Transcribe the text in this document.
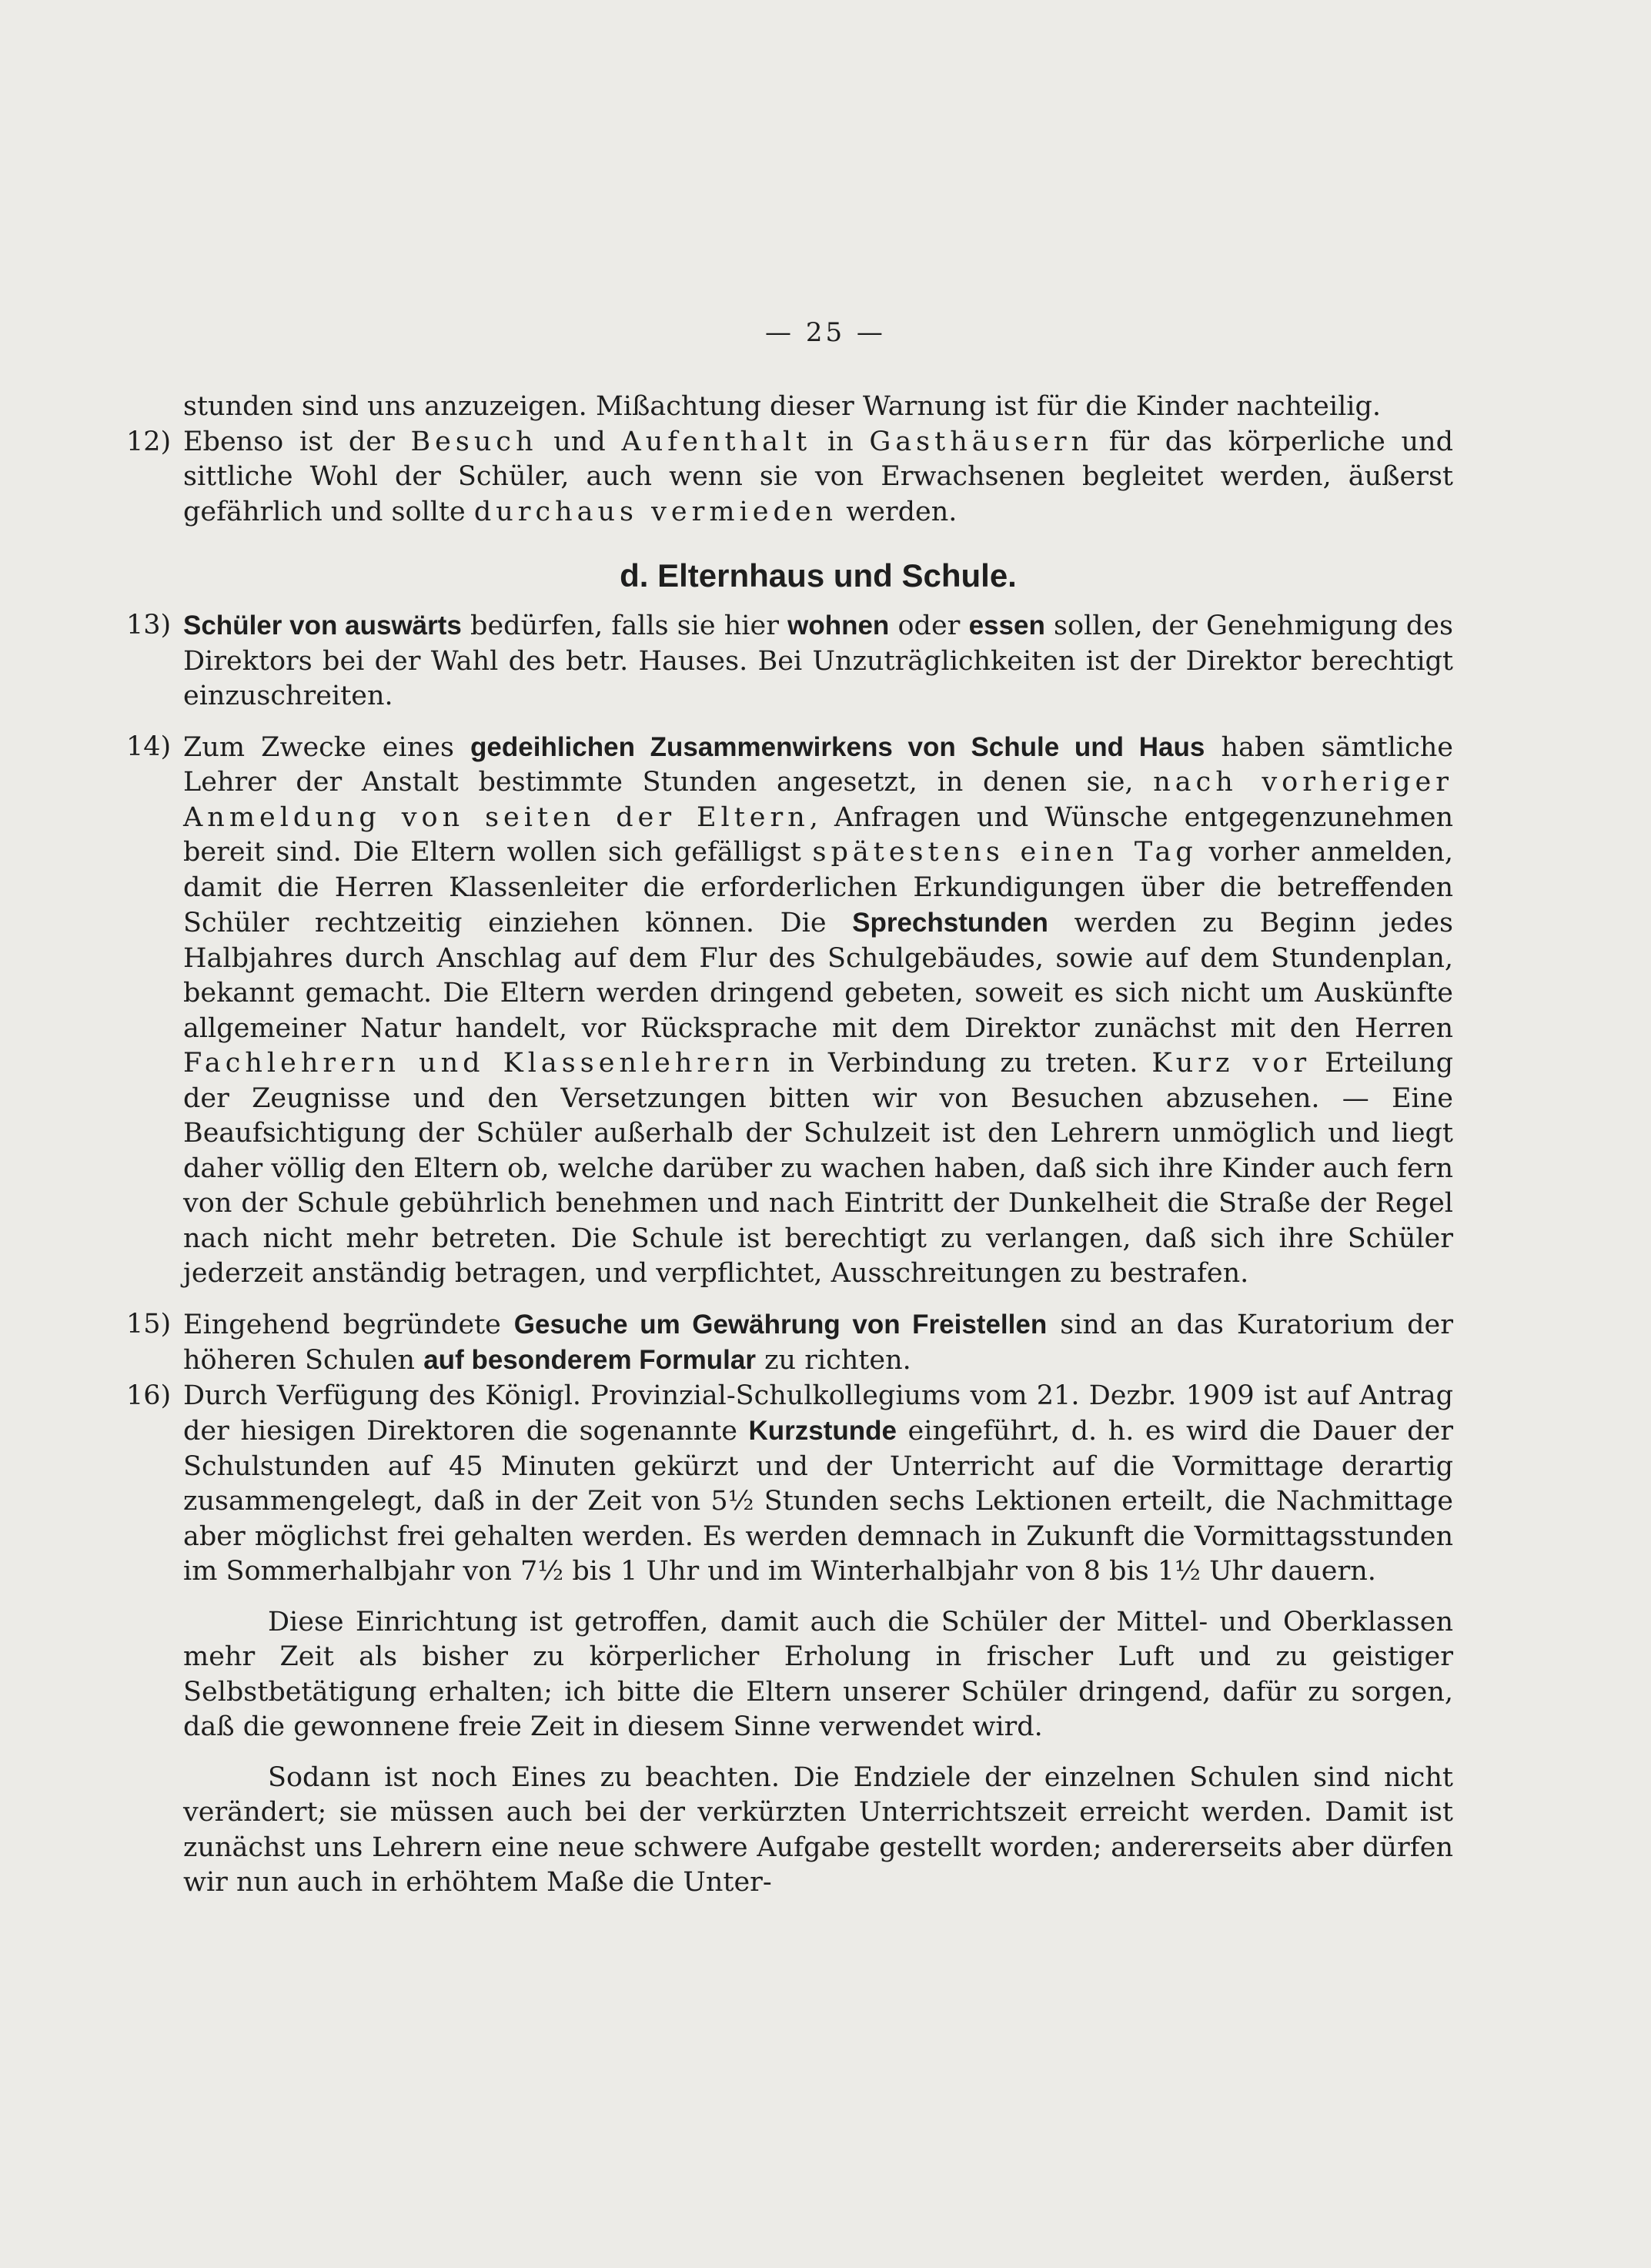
— 25 —

stunden sind uns anzuzeigen. Mißachtung dieser Warnung ist für die Kinder nachteilig.

12) Ebenso ist der Besuch und Aufenthalt in Gasthäusern für das körperliche und sittliche Wohl der Schüler, auch wenn sie von Erwachsenen begleitet werden, äußerst gefährlich und sollte durchaus vermieden werden.

d. Elternhaus und Schule.
13) Schüler von auswärts bedürfen, falls sie hier wohnen oder essen sollen, der Genehmigung des Direktors bei der Wahl des betr. Hauses. Bei Unzuträglichkeiten ist der Direktor berechtigt einzuschreiten.

14) Zum Zwecke eines gedeihlichen Zusammenwirkens von Schule und Haus haben sämtliche Lehrer der Anstalt bestimmte Stunden angesetzt, in denen sie, nach vorheriger Anmeldung von seiten der Eltern, Anfragen und Wünsche entgegenzunehmen bereit sind. Die Eltern wollen sich gefälligst spätestens einen Tag vorher anmelden, damit die Herren Klassenleiter die erforderlichen Erkundigungen über die betreffenden Schüler rechtzeitig einziehen können. Die Sprechstunden werden zu Beginn jedes Halbjahres durch Anschlag auf dem Flur des Schulgebäudes, sowie auf dem Stundenplan, bekannt gemacht. Die Eltern werden dringend gebeten, soweit es sich nicht um Auskünfte allgemeiner Natur handelt, vor Rücksprache mit dem Direktor zunächst mit den Herren Fachlehrern und Klassenlehrern in Verbindung zu treten. Kurz vor Erteilung der Zeugnisse und den Versetzungen bitten wir von Besuchen abzusehen. — Eine Beaufsichtigung der Schüler außerhalb der Schulzeit ist den Lehrern unmöglich und liegt daher völlig den Eltern ob, welche darüber zu wachen haben, daß sich ihre Kinder auch fern von der Schule gebührlich benehmen und nach Eintritt der Dunkelheit die Straße der Regel nach nicht mehr betreten. Die Schule ist berechtigt zu verlangen, daß sich ihre Schüler jederzeit anständig betragen, und verpflichtet, Ausschreitungen zu bestrafen.

15) Eingehend begründete Gesuche um Gewährung von Freistellen sind an das Kuratorium der höheren Schulen auf besonderem Formular zu richten.

16) Durch Verfügung des Königl. Provinzial-Schulkollegiums vom 21. Dezbr. 1909 ist auf Antrag der hiesigen Direktoren die sogenannte Kurzstunde eingeführt, d. h. es wird die Dauer der Schulstunden auf 45 Minuten gekürzt und der Unterricht auf die Vormittage derartig zusammengelegt, daß in der Zeit von 5½ Stunden sechs Lektionen erteilt, die Nachmittage aber möglichst frei gehalten werden. Es werden demnach in Zukunft die Vormittagsstunden im Sommerhalbjahr von 7½ bis 1 Uhr und im Winterhalbjahr von 8 bis 1½ Uhr dauern.

Diese Einrichtung ist getroffen, damit auch die Schüler der Mittel- und Oberklassen mehr Zeit als bisher zu körperlicher Erholung in frischer Luft und zu geistiger Selbstbetätigung erhalten; ich bitte die Eltern unserer Schüler dringend, dafür zu sorgen, daß die gewonnene freie Zeit in diesem Sinne verwendet wird.

Sodann ist noch Eines zu beachten. Die Endziele der einzelnen Schulen sind nicht verändert; sie müssen auch bei der verkürzten Unterrichtszeit erreicht werden. Damit ist zunächst uns Lehrern eine neue schwere Aufgabe gestellt worden; andererseits aber dürfen wir nun auch in erhöhtem Maße die Unter-
